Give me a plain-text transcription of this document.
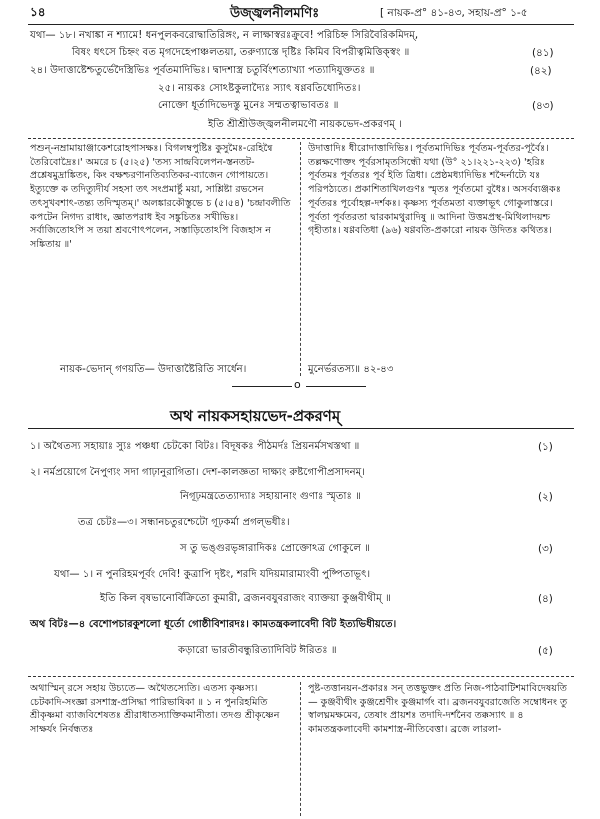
১৪	উজ্জ্বলনীলমণিঃ	[ নায়ক-প্র° ৪১-৪৩, সহায়-প্র° ১-৫
যথা— ১৮। নখাঙ্কা ন শ্যামে! ধনপুলকবরোদ্বাতিরিঙ্গং, ন লাক্ষাস্বরঃক্রুবে! পরিচিহ্ন সিরিবৈরিকমিদম্,
বিষং ধৎসে চিহ্নং বত মৃগদেহেপাঞ্চলতয়া, তরুণ্যাস্তে দৃষ্টিঃ কিমিব বিপরীত্বমিত্তিক্‌স্বং ॥	(৪১)
২৪। উদাত্তাষ্টেশ্চতুর্ভেদৈস্ত্রিভিঃ পূর্বতমাদিভিঃ। দ্বাদশাস্ত্র চতুর্বিংশত্যাখ্যা পত্যাদিযুক্ততঃ ॥	(৪২)
২৫। নায়কঃ সোঽষ্টকুলাদ্যৈঃ স্যাৎ ষণ্ণবতিধোদিতঃ।
নোক্তো ধূর্তাদিভেদস্তু মুনেঃ সম্মতত্বাভাবতঃ ॥	(৪৩)
ইতি শ্রীশ্রীউজ্জ্বলনীলমণৌ নায়কভেদ-প্রকরণম্‌ ।

পশুন্-নম্রামায়াঞ্জাকেশরোহপাসক্ষঃ। বিগলম্বপুষ্টিঃ কুসুমৈঃ-রেহিন্বৈ তৈরিবোদ্রৈঃ।' অমরে চ (৫।২৫) 'তস্য সান্দ্রবিলেপন-স্তনতট-প্রশ্লেষমুদ্রাঙ্কিতং, কিং বক্ষশ্চরণানতিব্যতিকর-ব্যাজেন গোপায়তে। ইত্যুক্তে ক তদিত্যুদীর্য সহসা তৎ সংপ্রমার্ষ্টু ময়া, সাশ্লিষ্টা রভসেন তৎসুখবশাৎ-তন্ত্য তদিস্মৃতম্‌।' অলঙ্কারকৌস্তুভে চ (৫।৫৪) 'চন্দ্রাবলীতি কপটেন নিগদ্য রাধাং, জ্ঞাতপরাধ ইব সঙ্কুচিতঃ সখীভিঃ। সর্বাজিতোঽপি স তয়া শ্রবণোৎপলেন, সস্তাড়িতোঽপি বিজহাস ন সঙ্কিতায় ॥'

নায়ক-ভেদান্‌ গণয়তি— উদাত্তাষ্টৈরিতি সার্ধেন।

উদাত্তাদিঃ ধীরোদাত্তাদিভিঃ। পূর্বতমাদিভিঃ পূর্বতম-পূর্বতর-পূর্বৈঃ। তল্লক্ষণোক্তং পূর্বরসামৃতসিন্ধৌ যথা (উ° ২১।২২১-২২৩) 'হরিঃ পূর্বতমঃ পূর্বতরঃ পূর্ব ইতি ত্রিধা। প্রেষ্ঠমধ্যাদিভিঃ শব্দৈর্নাট্যে যঃ পরিপঠ্যতে। প্রকাশিতাখিলগুণঃ স্মৃতঃ পূর্বতমো বুধৈঃ। অসর্বব্যঞ্জকঃ পূর্বতরঃ পূর্বোহল্প-দর্শকঃ। কৃষ্ণস্য পূর্বতমতা ব্যক্তাভূৎ গোকুলাস্তরে। পূর্বতা পূর্বতরতা দ্বারকামথুরাদিষু ॥ আদিনা উত্তমপ্রস্থ-মিথিলাদয়শ্চ গৃহীতাঃ। ষণ্ণবতিধা (৯৬) ষণ্ণবতি-প্রকারো নায়ক উদিতঃ কথিতঃ।

মুনের্ভরতস্য॥ ৪২-৪৩
o
অথ নায়কসহায়ভেদ-প্রকরণম্‌
১। অথৈতস্য সহায়াঃ স্যুঃ পঞ্চধা চেটকো বিটঃ। বিদূষকঃ পীঠমর্দঃ প্রিয়নর্মসখস্তথা ॥	(১)
২। নর্মপ্রয়োগে নৈপুণ্যং সদা গাঢ়ানুরাগিতা। দেশ-কালজ্ঞতা দাক্ষ্যং রুষ্টগোপীপ্রসাদনম্‌।
নিগূঢ়মন্ত্রতেত্যাদ্যাঃ সহায়ানাং গুণাঃ স্মৃতাঃ ॥	(২)
তত্র চেটঃ—৩। সন্ধানচতুরশ্চেটো গূঢ়কর্মা প্রগল্ভধীঃ।
স তু ভঙ্গুরভৃঙ্গারাদিকঃ প্রোক্তোঽত্র গোকুলে ॥	(৩)
যথা— ১। ন পুনরিহমপূর্বং দেবি! কুত্রাপি দৃষ্টং, শরদি যদিয়মারাম্যংবী পুষ্পিতাভূৎ।
ইতি কিল বৃষভানোর্বিক্রিতো কুমারী, ব্রজনবযুবরাজং ব্যাক্তয়া কুঞ্জবীথীম্‌ ॥	(৪)
অথ বিটঃ—৪ বেশোপচারকুশলো ধূর্তো গোষ্ঠীবিশারদঃ। কামতন্ত্রকলাবেদী বিট ইত্যভিধীয়তে।
কড়ারো ভারতীবন্ধুরিত্যাদিবিট ঈরিতঃ ॥	(৫)

অথাস্মিন্‌ রসে সহায় উচ্যতে— অথৈতস্যেতি। এতস্য কৃষ্ণস্য। চেটকাদি-সংজ্ঞা রসশাস্ত্র-প্রসিদ্ধা পারিভাষিকা ॥ ১ ন পুনরিহমিতি শ্রীকৃষ্ণমা ব্যাজবিশেষতঃ শ্রীরাধাতস্যাক্তিকমানীতা। তদগু শ্রীকৃষ্ণেন সাক্ষর্যং নির্বন্ধতঃ

পুষ্ট-তত্তানয়ন-প্রকারঃ সন্‌ তত্তভুক্তং প্রতি নিজ-পাঠবাটিশমাবিদেষয়তি— কুঞ্জবীথীং কুঞ্জশ্রেণীং কুঞ্জমার্গং বা। ব্রজনবযুবরাজেতি সম্বোধনং তু স্বালঘ্নমক্ষমেব, তেষাং প্রায়শঃ তদাদি-দর্শনৈব তক্কস্যাৎ ॥ ৪ কামতন্ত্রকলাবেদী কামশাস্ত্র-নীতিবেত্তা। ব্রজে লারলা-
